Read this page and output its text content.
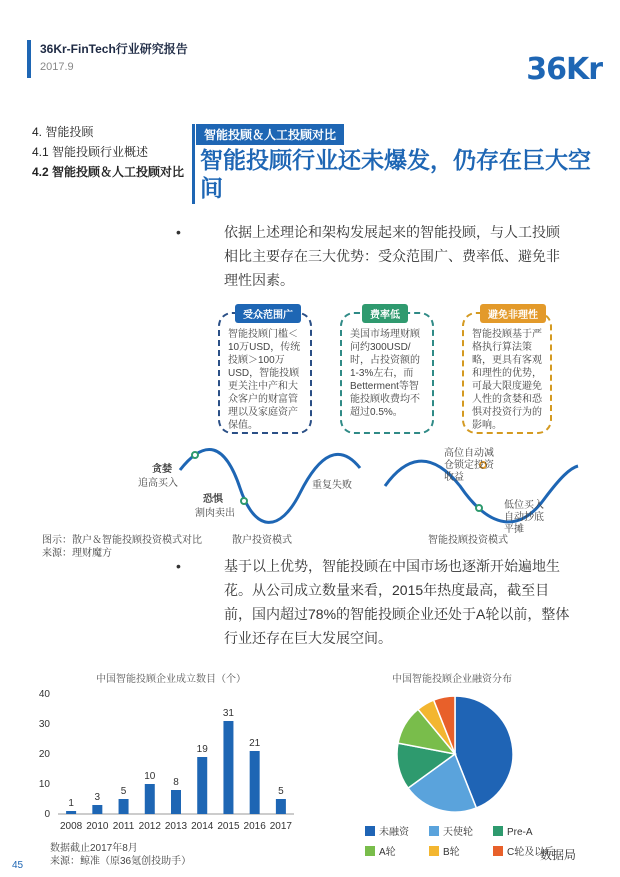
36Kr-FinTech行业研究报告
2017.9	36Kr
4. 智能投顾
4.1 智能投顾行业概述
4.2 智能投顾＆人工投顾对比
智能投顾＆人工投顾对比
智能投顾行业还未爆发，仍存在巨大空间

•	依据上述理论和架构发展起来的智能投顾，与人工投顾相比主要存在三大优势：受众范围广、费率低、避免非理性因素。

智能投顾门槛＜10万USD，传统投顾＞100万USD，智能投顾更关注中产和大众客户的财富管理以及家庭资产保值。
美国市场理财顾问约300USD/时，占投资额的1-3%左右，而Betterment等智能投顾收费均不超过0.5%。
智能投顾基于严格执行算法策略，更具有客观和理性的优势，可最大限度避免人性的贪婪和恐惧对投资行为的影响。
受众范围广	费率低	避免非理性
贪婪
追高买入
恐惧
割肉卖出
重复失败
散户投资模式
高位自动减仓锁定投资收益
低位买入自动抄底平摊
智能投顾投资模式
图示：散户＆智能投顾投资模式对比
来源：理财魔方

•	基于以上优势，智能投顾在中国市场也逐渐开始遍地生花。从公司成立数量来看，2015年热度最高，截至目前，国内超过78%的智能投顾企业还处于A轮以前，整体行业还存在巨大发展空间。

中国智能投顾企业成立数目（个）	中国智能投顾企业融资分布
0
10
20
30
40
1
2008
3
2010
5
2011
10
2012
8
2013
19
2014
31
2015
21
2016
5
2017
未融资	天使轮	Pre-A
A轮	B轮	C轮及以后
数据截止2017年8月
来源：鲸准（原36氪创投助手）
45
数据局
